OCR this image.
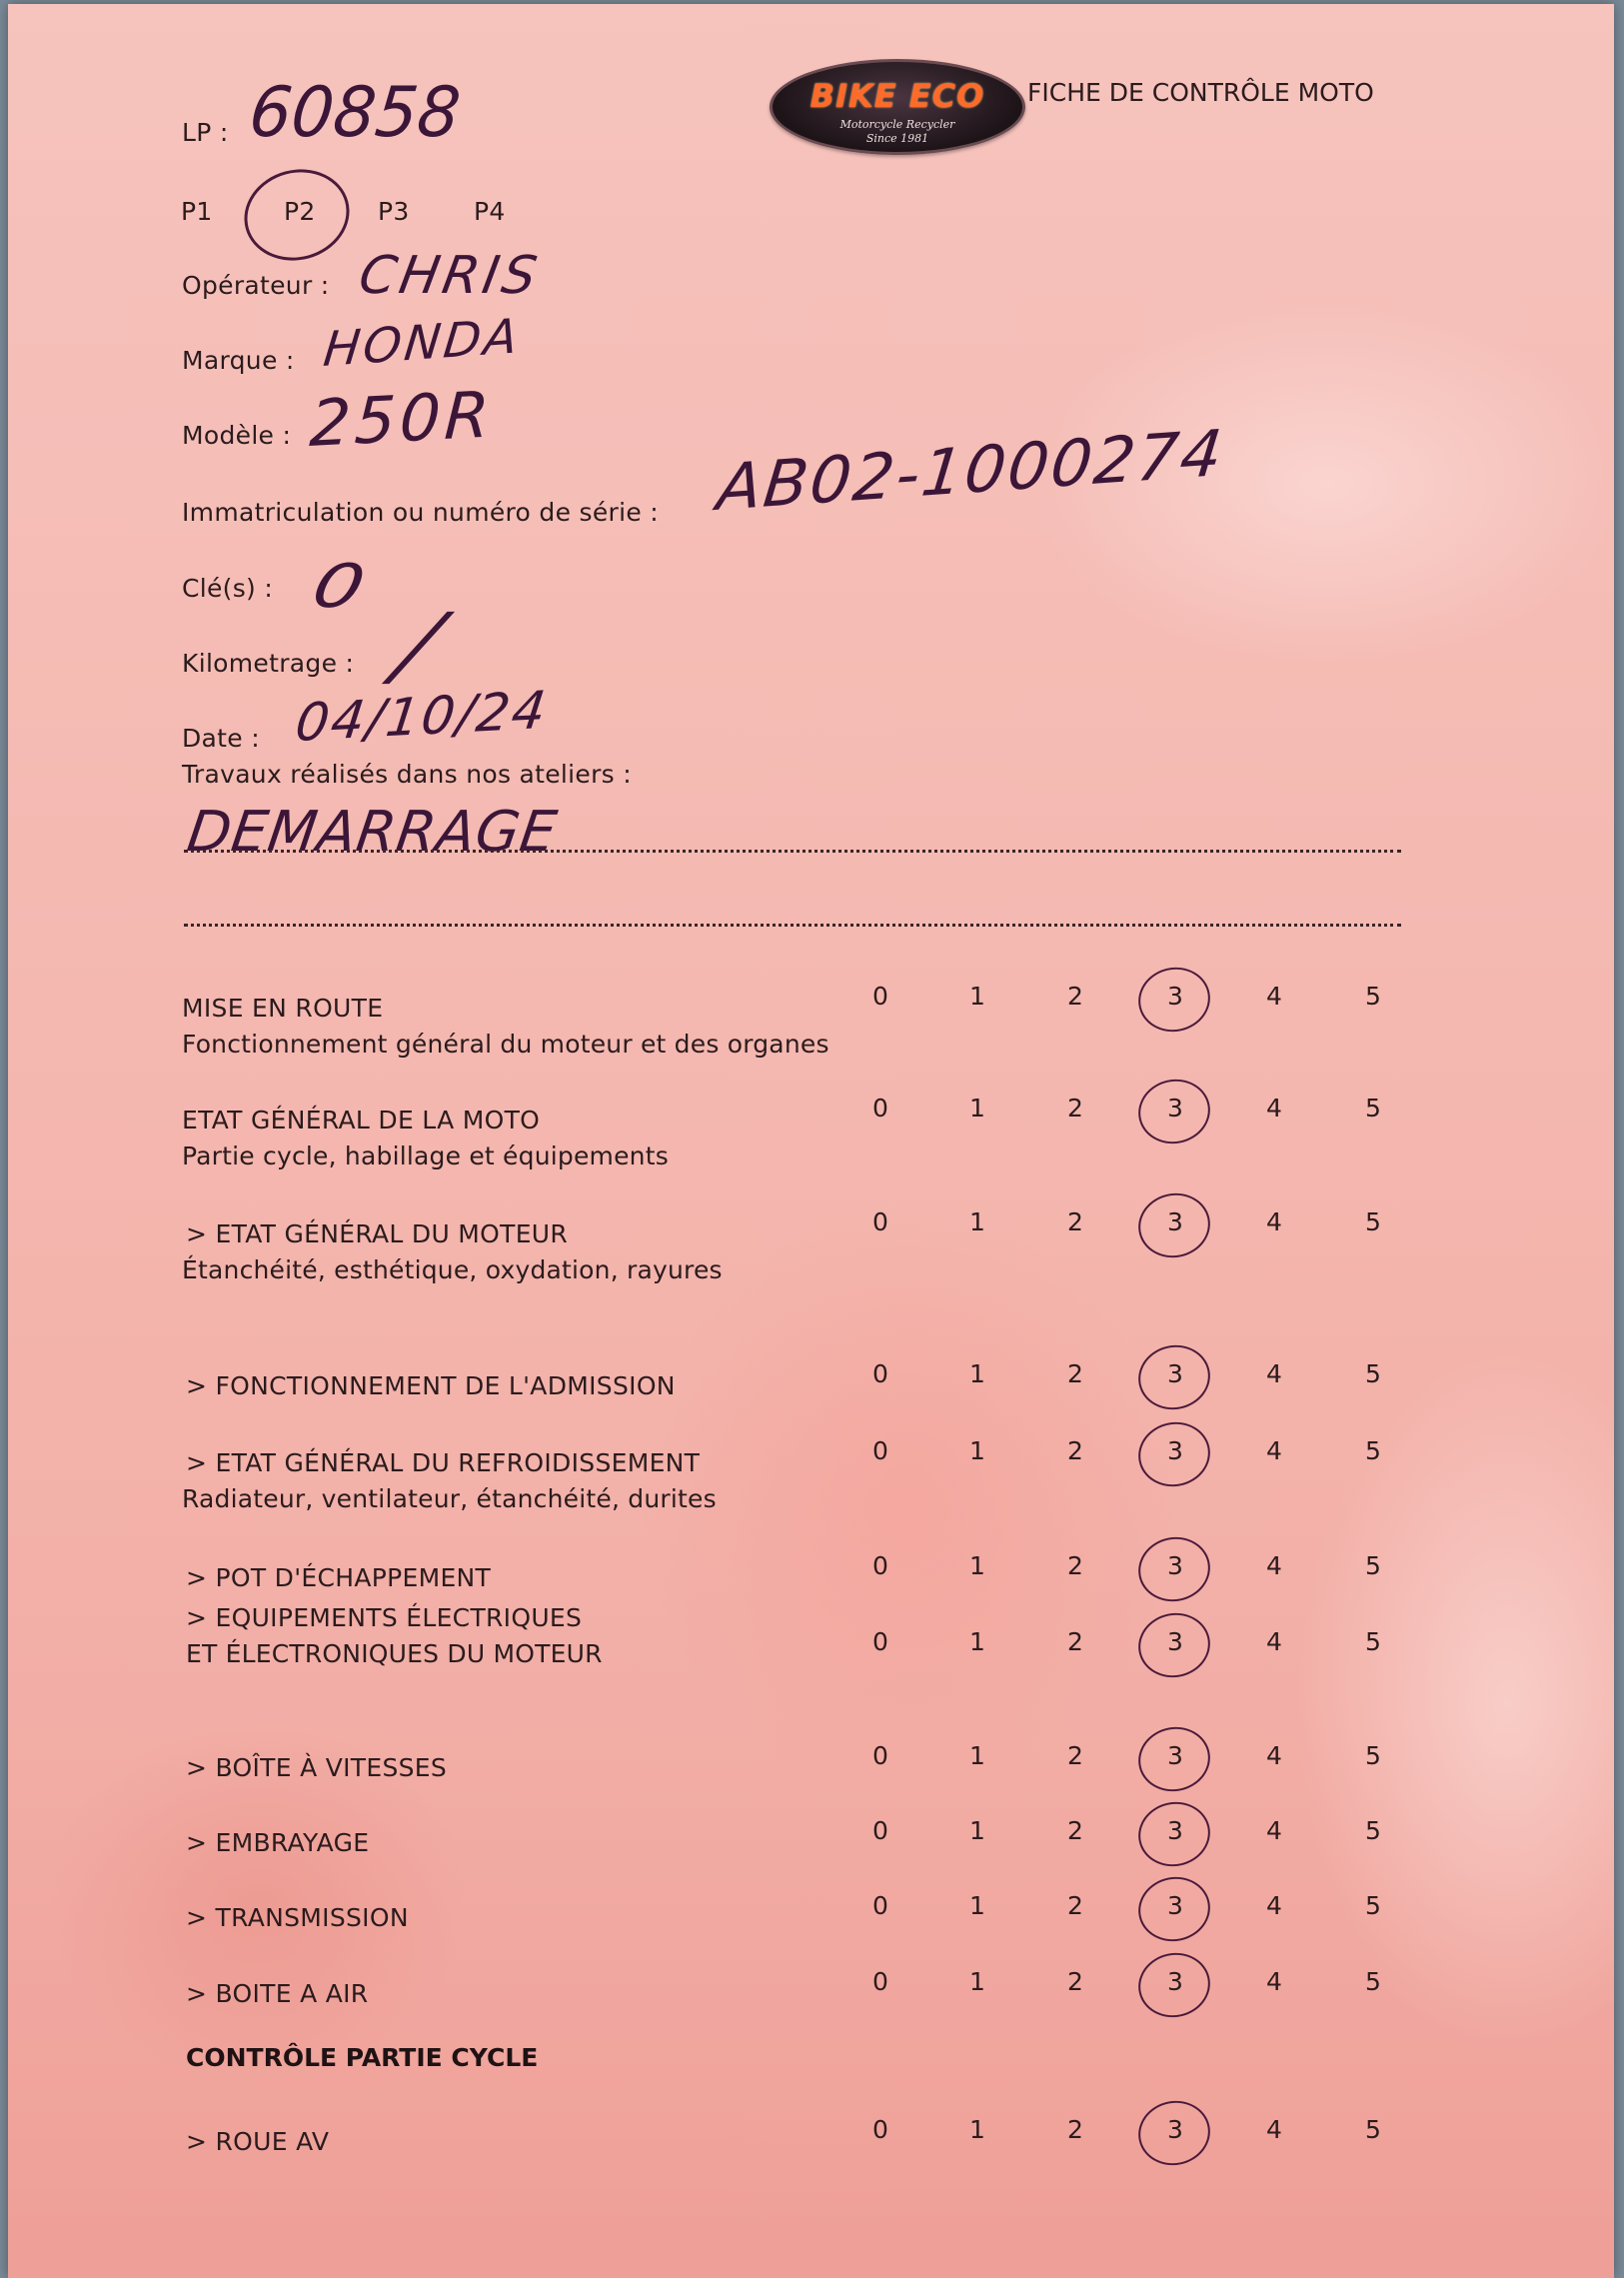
BIKE ECO
Motorcycle Recycler
Since 1981
FICHE DE CONTRÔLE MOTO
LP : 60858
P1	P2 P3	P4
Opérateur : CHRIS
Marque : HONDA
Modèle : 250R
Immatriculation ou numéro de série : AB02-1000274
Clé(s) : 0
Kilometrage : /
Date : 04/10/24
Travaux réalisés dans nos ateliers :
DEMARRAGE
CONTRÔLE PARTIE CYCLE
MISE EN ROUTE
Fonctionnement général du moteur et des organes
0	1	2	3	4	5
ETAT GÉNÉRAL DE LA MOTO
Partie cycle, habillage et équipements
0	1	2	3	4	5
> ETAT GÉNÉRAL DU MOTEUR
Étanchéité, esthétique, oxydation, rayures
0	1	2	3	4	5
> FONCTIONNEMENT DE L'ADMISSION	0	1	2	3	4	5
> ETAT GÉNÉRAL DU REFROIDISSEMENT
Radiateur, ventilateur, étanchéité, durites
0	1	2	3	4	5
> POT D'ÉCHAPPEMENT	0	1	2	3	4	5
> EQUIPEMENTS ÉLECTRIQUES
ET ÉLECTRONIQUES DU MOTEUR	0	1	2	3	4	5
> BOÎTE À VITESSES	0	1	2	3	4	5
> EMBRAYAGE	0	1	2	3	4	5
> TRANSMISSION	0	1	2	3	4	5
> BOITE A AIR	0	1	2	3	4	5
> ROUE AV	0	1	2	3	4	5
